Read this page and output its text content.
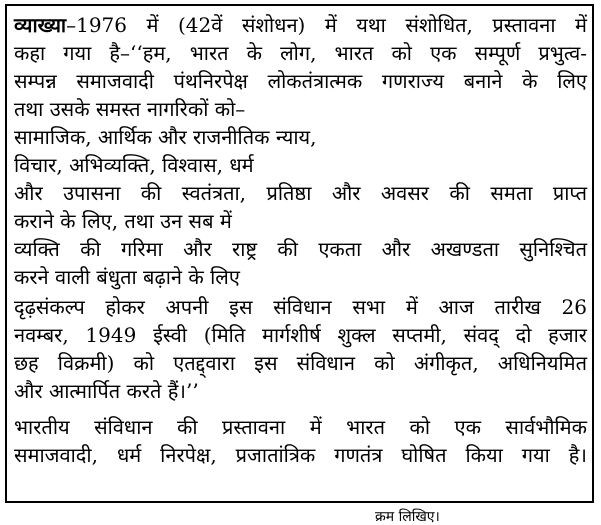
व्याख्या–1976 में (42वें संशोधन) में यथा संशोधित, प्रस्तावना में
कहा गया है–‘‘हम, भारत के लोग, भारत को एक सम्पूर्ण प्रभुत्व-
सम्पन्न समाजवादी पंथनिरपेक्ष लोकतंत्रात्मक गणराज्य बनाने के लिए
तथा उसके समस्त नागरिकों को–
सामाजिक, आर्थिक और राजनीतिक न्याय,
विचार, अभिव्यक्ति, विश्वास, धर्म
और उपासना की स्वतंत्रता, प्रतिष्ठा और अवसर की समता प्राप्त
कराने के लिए, तथा उन सब में
व्यक्ति की गरिमा और राष्ट्र की एकता और अखण्डता सुनिश्चित
करने वाली बंधुता बढ़ाने के लिए
दृढ़संकल्प होकर अपनी इस संविधान सभा में आज तारीख 26
नवम्बर, 1949 ईस्वी (मिति मार्गशीर्ष शुक्ल सप्तमी, संवद् दो हजार
छह विक्रमी) को एतद्द्वारा इस संविधान को अंगीकृत, अधिनियमित
और आत्मार्पित करते हैं।’’
भारतीय संविधान की प्रस्तावना में भारत को एक सार्वभौमिक
समाजवादी, धर्म निरपेक्ष, प्रजातांत्रिक गणतंत्र घोषित किया गया है।
क्रम लिखिए।
